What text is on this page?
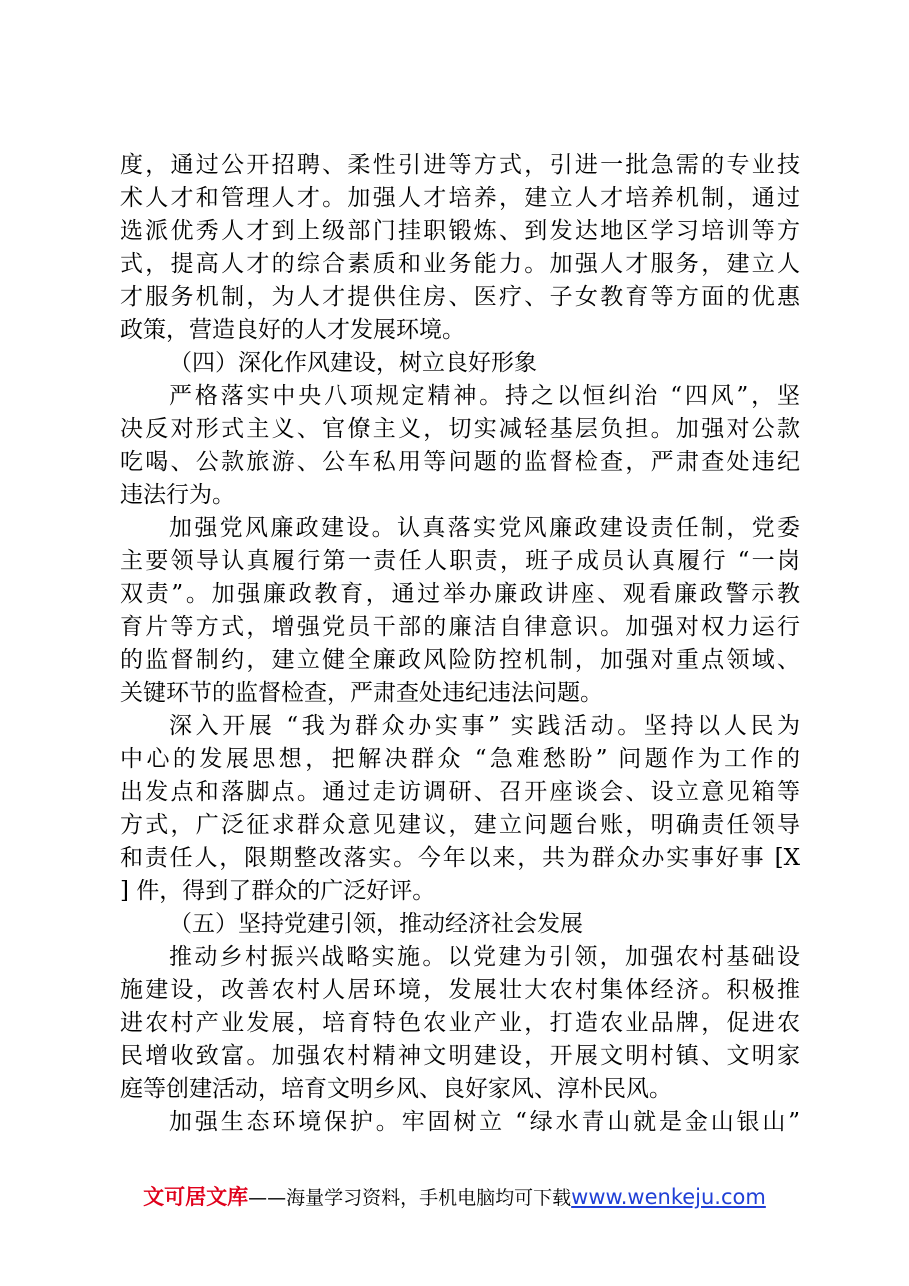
度，通过公开招聘、柔性引进等方式，引进一批急需的专业技
术人才和管理人才。加强人才培养，建立人才培养机制，通过
选派优秀人才到上级部门挂职锻炼、到发达地区学习培训等方
式，提高人才的综合素质和业务能力。加强人才服务，建立人
才服务机制，为人才提供住房、医疗、子女教育等方面的优惠
政策，营造良好的人才发展环境。
（四）深化作风建设，树立良好形象
严格落实中央八项规定精神。持之以恒纠治 “四风”，坚
决反对形式主义、官僚主义，切实减轻基层负担。加强对公款
吃喝、公款旅游、公车私用等问题的监督检查，严肃查处违纪
违法行为。
加强党风廉政建设。认真落实党风廉政建设责任制，党委
主要领导认真履行第一责任人职责，班子成员认真履行 “一岗
双责”。加强廉政教育，通过举办廉政讲座、观看廉政警示教
育片等方式，增强党员干部的廉洁自律意识。加强对权力运行
的监督制约，建立健全廉政风险防控机制，加强对重点领域、
关键环节的监督检查，严肃查处违纪违法问题。
深入开展 “我为群众办实事” 实践活动。坚持以人民为
中心的发展思想，把解决群众 “急难愁盼” 问题作为工作的
出发点和落脚点。通过走访调研、召开座谈会、设立意见箱等
方式，广泛征求群众意见建议，建立问题台账，明确责任领导
和责任人，限期整改落实。今年以来，共为群众办实事好事 [X
] 件，得到了群众的广泛好评。
（五）坚持党建引领，推动经济社会发展
推动乡村振兴战略实施。以党建为引领，加强农村基础设
施建设，改善农村人居环境，发展壮大农村集体经济。积极推
进农村产业发展，培育特色农业产业，打造农业品牌，促进农
民增收致富。加强农村精神文明建设，开展文明村镇、文明家
庭等创建活动，培育文明乡风、良好家风、淳朴民风。
加强生态环境保护。牢固树立 “绿水青山就是金山银山”
文可居文库——海量学习资料，手机电脑均可下载www.wenkeju.com
